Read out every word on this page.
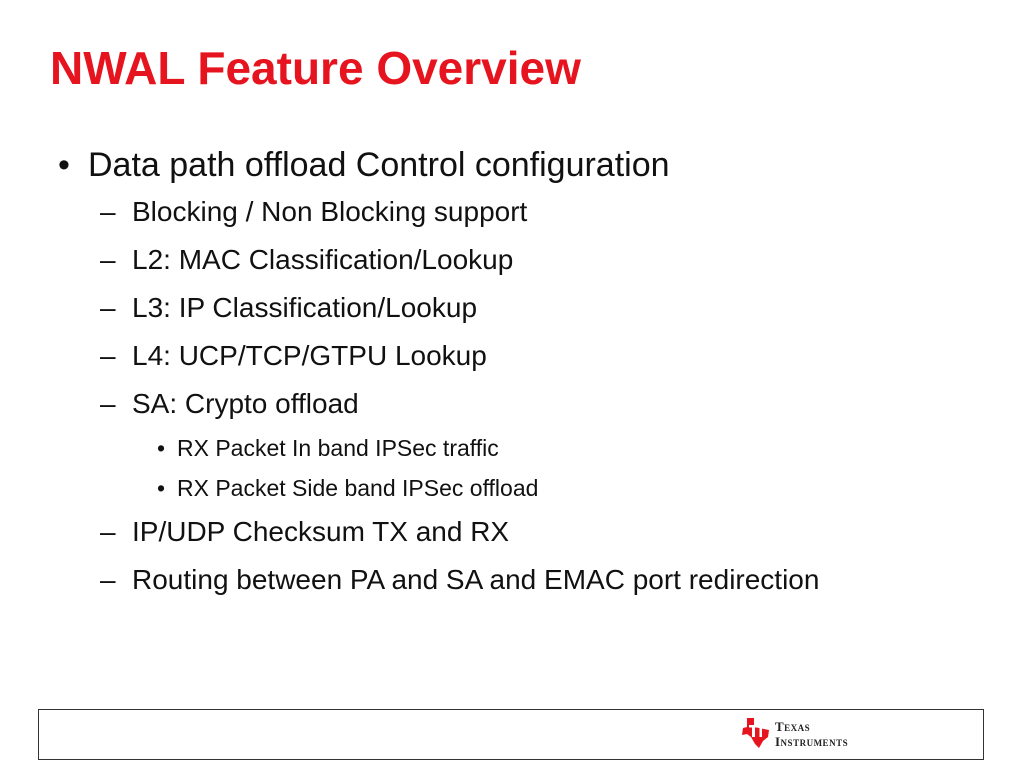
NWAL Feature Overview
• Data path offload Control configuration
– Blocking / Non Blocking support
– L2: MAC Classification/Lookup
– L3: IP Classification/Lookup
– L4: UCP/TCP/GTPU Lookup
– SA: Crypto offload
• RX Packet In band IPSec traffic
• RX Packet Side band IPSec offload
– IP/UDP Checksum TX and RX
– Routing between PA and SA and EMAC port redirection
Texas
Instruments
